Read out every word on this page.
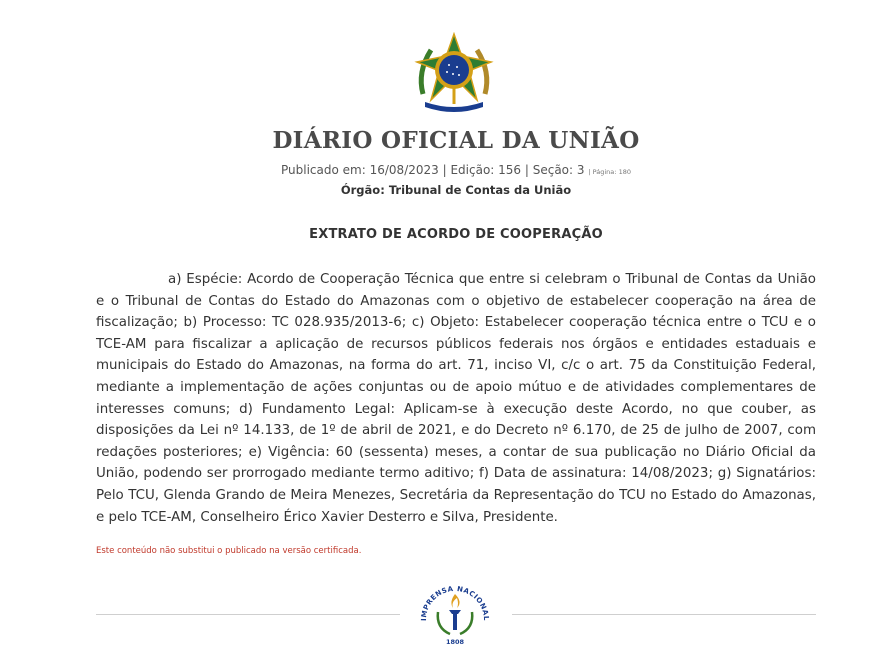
DIÁRIO OFICIAL DA UNIÃO
Publicado em: 16/08/2023 | Edição: 156 | Seção: 3 | Página: 180
Órgão: Tribunal de Contas da União
EXTRATO DE ACORDO DE COOPERAÇÃO
a) Espécie: Acordo de Cooperação Técnica que entre si celebram o Tribunal de Contas da União e o Tribunal de Contas do Estado do Amazonas com o objetivo de estabelecer cooperação na área de fiscalização; b) Processo: TC 028.935/2013-6; c) Objeto: Estabelecer cooperação técnica entre o TCU e o TCE-AM para fiscalizar a aplicação de recursos públicos federais nos órgãos e entidades estaduais e municipais do Estado do Amazonas, na forma do art. 71, inciso VI, c/c o art. 75 da Constituição Federal, mediante a implementação de ações conjuntas ou de apoio mútuo e de atividades complementares de interesses comuns; d) Fundamento Legal: Aplicam-se à execução deste Acordo, no que couber, as disposições da Lei nº 14.133, de 1º de abril de 2021, e do Decreto nº 6.170, de 25 de julho de 2007, com redações posteriores; e) Vigência: 60 (sessenta) meses, a contar de sua publicação no Diário Oficial da União, podendo ser prorrogado mediante termo aditivo; f) Data de assinatura: 14/08/2023; g) Signatários: Pelo TCU, Glenda Grando de Meira Menezes, Secretária da Representação do TCU no Estado do Amazonas, e pelo TCE-AM, Conselheiro Érico Xavier Desterro e Silva, Presidente.
Este conteúdo não substitui o publicado na versão certificada.
IMPRENSA NACIONAL
1808
